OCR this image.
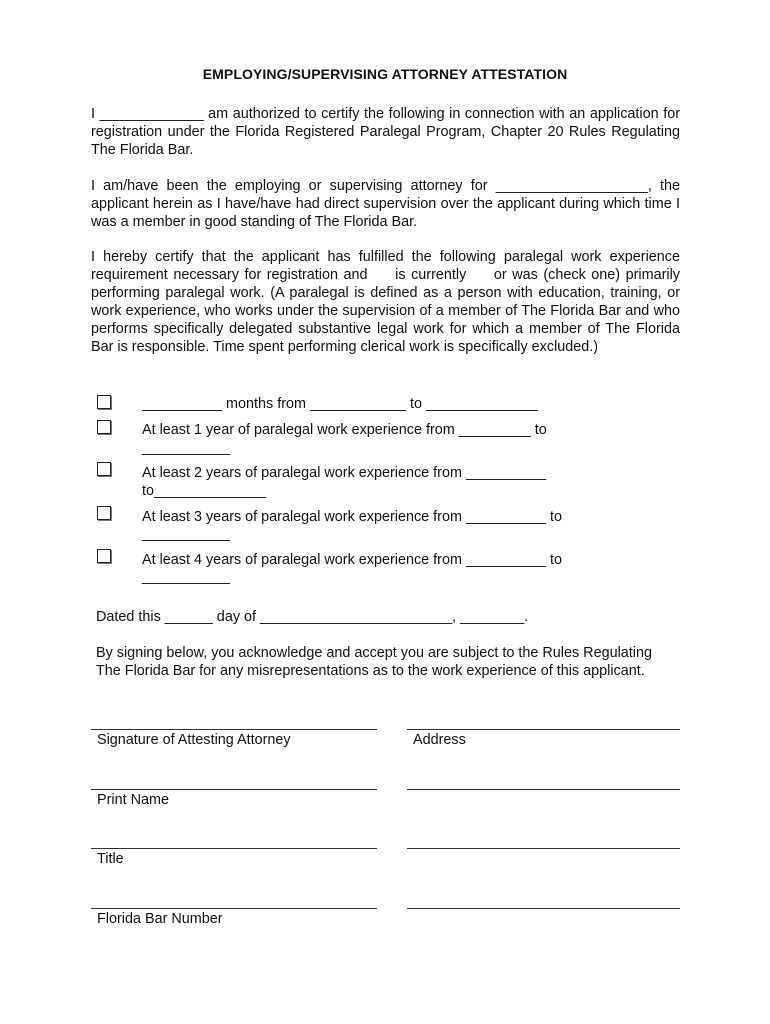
EMPLOYING/SUPERVISING ATTORNEY ATTESTATION
I _____________ am authorized to certify the following in connection with an application for registration under the Florida Registered Paralegal Program, Chapter 20 Rules Regulating The Florida Bar.
I am/have been the employing or supervising attorney for ___________________, the applicant herein as I have/have had direct supervision over the applicant during which time I was a member in good standing of The Florida Bar.
I hereby certify that the applicant has fulfilled the following paralegal work experience requirement necessary for registration and     is currently     or was (check one) primarily performing paralegal work. (A paralegal is defined as a person with education, training, or work experience, who works under the supervision of a member of The Florida Bar and who performs specifically delegated substantive legal work for which a member of The Florida Bar is responsible. Time spent performing clerical work is specifically excluded.)
__________ months from ____________ to ______________
At least 1 year of paralegal work experience from _________ to
___________
At least 2 years of paralegal work experience from __________
to______________
At least 3 years of paralegal work experience from __________ to
___________
At least 4 years of paralegal work experience from __________ to
___________
Dated this ______ day of ________________________, ________.
By signing below, you acknowledge and accept you are subject to the Rules Regulating The Florida Bar for any misrepresentations as to the work experience of this applicant.
Signature of Attesting Attorney	Address
Print Name
Title
Florida Bar Number
